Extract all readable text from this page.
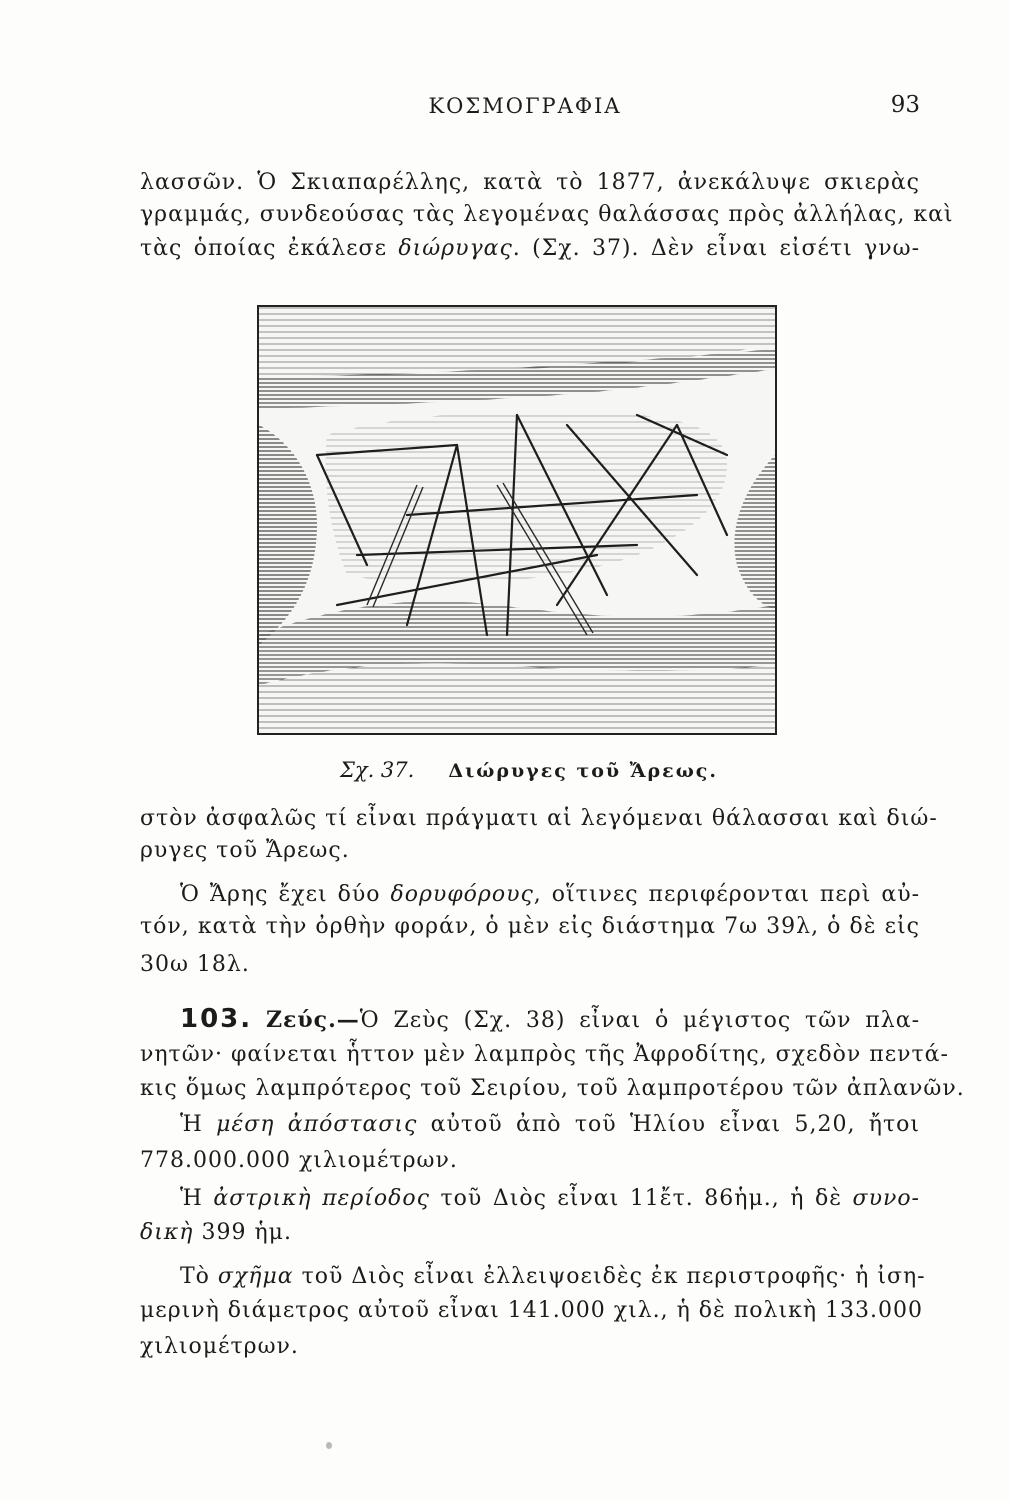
ΚΟΣΜΟΓΡΑΦΙΑ	93
λασσῶν. Ὁ Σκιαπαρέλλης, κατὰ τὸ 1877, ἀνεκάλυψε σκιερὰς
γραμμάς, συνδεούσας τὰς λεγομένας θαλάσσας πρὸς ἀλλήλας, καὶ
τὰς ὁποίας ἐκάλεσε διώρυγας. (Σχ. 37). Δὲν εἶναι εἰσέτι γνω-
Σχ. 37. Διώρυγες τοῦ Ἄρεως.
στὸν ἀσφαλῶς τί εἶναι πράγματι αἱ λεγόμεναι θάλασσαι καὶ διώ-
ρυγες τοῦ Ἄρεως.
Ὁ Ἄρης ἔχει δύο δορυφόρους, οἵτινες περιφέρονται περὶ αὐ-
τόν, κατὰ τὴν ὀρθὴν φοράν, ὁ μὲν εἰς διάστημα 7ω 39λ, ὁ δὲ εἰς
30ω 18λ.
103. Ζεύς.—Ὁ Ζεὺς (Σχ. 38) εἶναι ὁ μέγιστος τῶν πλα-
νητῶν· φαίνεται ἧττον μὲν λαμπρὸς τῆς Ἀφροδίτης, σχεδὸν πεντά-
κις ὅμως λαμπρότερος τοῦ Σειρίου, τοῦ λαμπροτέρου τῶν ἀπλανῶν.
Ἡ μέση ἀπόστασις αὐτοῦ ἀπὸ τοῦ Ἡλίου εἶναι 5,20, ἤτοι
778.000.000 χιλιομέτρων.
Ἡ ἀστρικὴ περίοδος τοῦ Διὸς εἶναι 11ἔτ. 86ἡμ., ἡ δὲ συνο-
δικὴ 399 ἡμ.
Τὸ σχῆμα τοῦ Διὸς εἶναι ἐλλειψοειδὲς ἐκ περιστροφῆς· ἡ ἰση-
μερινὴ διάμετρος αὐτοῦ εἶναι 141.000 χιλ., ἡ δὲ πολικὴ 133.000
χιλιομέτρων.
